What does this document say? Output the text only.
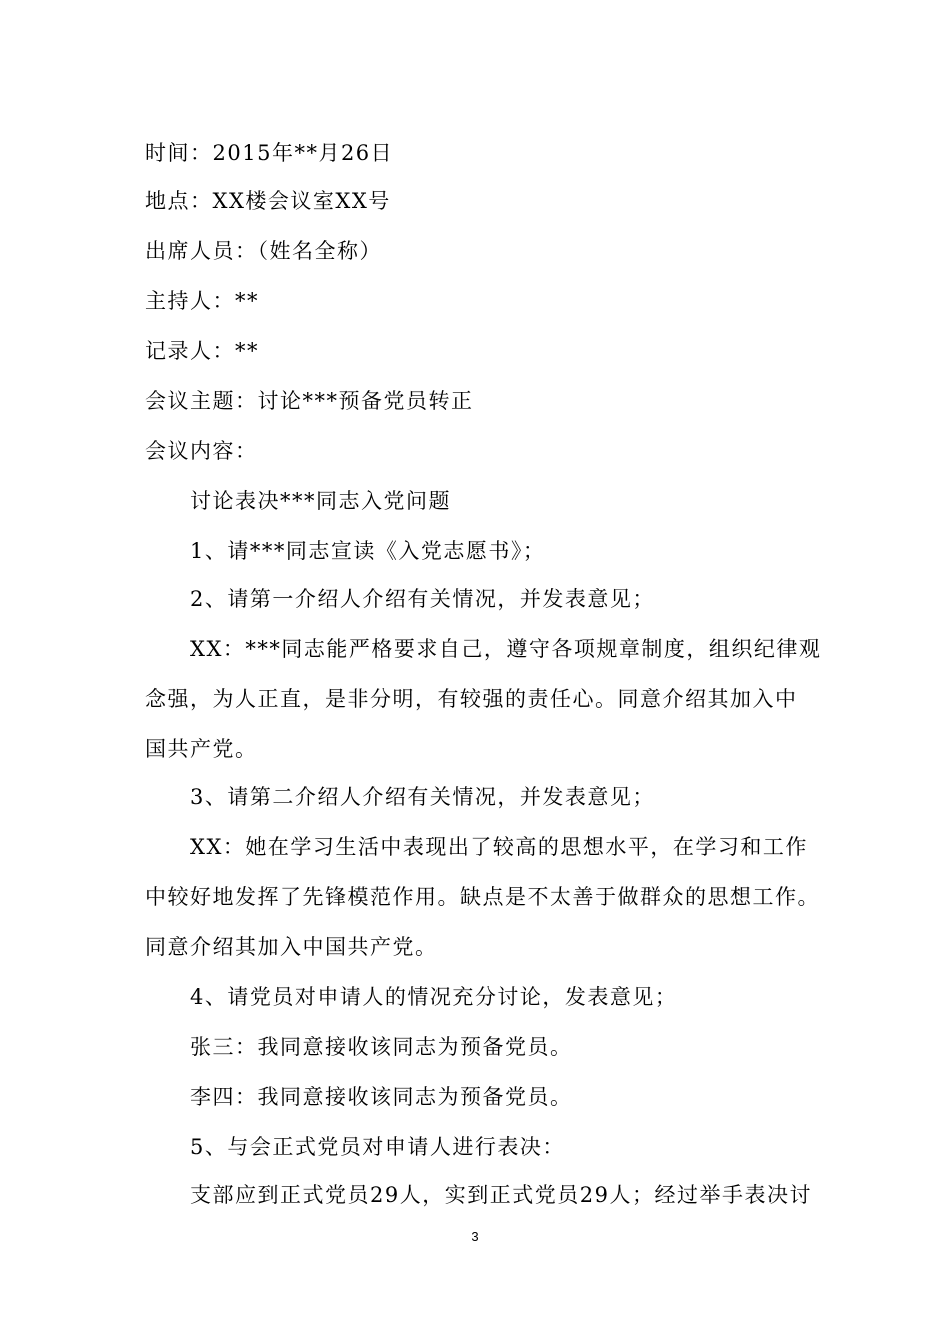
时间：2015年**月26日
地点：XX楼会议室XX号
出席人员：（姓名全称）
主持人：**
记录人：**
会议主题：讨论***预备党员转正
会议内容：
讨论表决***同志入党问题
1、请***同志宣读《入党志愿书》；
2、请第一介绍人介绍有关情况，并发表意见；
XX：***同志能严格要求自己，遵守各项规章制度，组织纪律观
念强，为人正直，是非分明，有较强的责任心。同意介绍其加入中
国共产党。
3、请第二介绍人介绍有关情况，并发表意见；
XX：她在学习生活中表现出了较高的思想水平，在学习和工作
中较好地发挥了先锋模范作用。缺点是不太善于做群众的思想工作。
同意介绍其加入中国共产党。
4、请党员对申请人的情况充分讨论，发表意见；
张三：我同意接收该同志为预备党员。
李四：我同意接收该同志为预备党员。
5、与会正式党员对申请人进行表决：
支部应到正式党员29人，实到正式党员29人；经过举手表决讨
3
